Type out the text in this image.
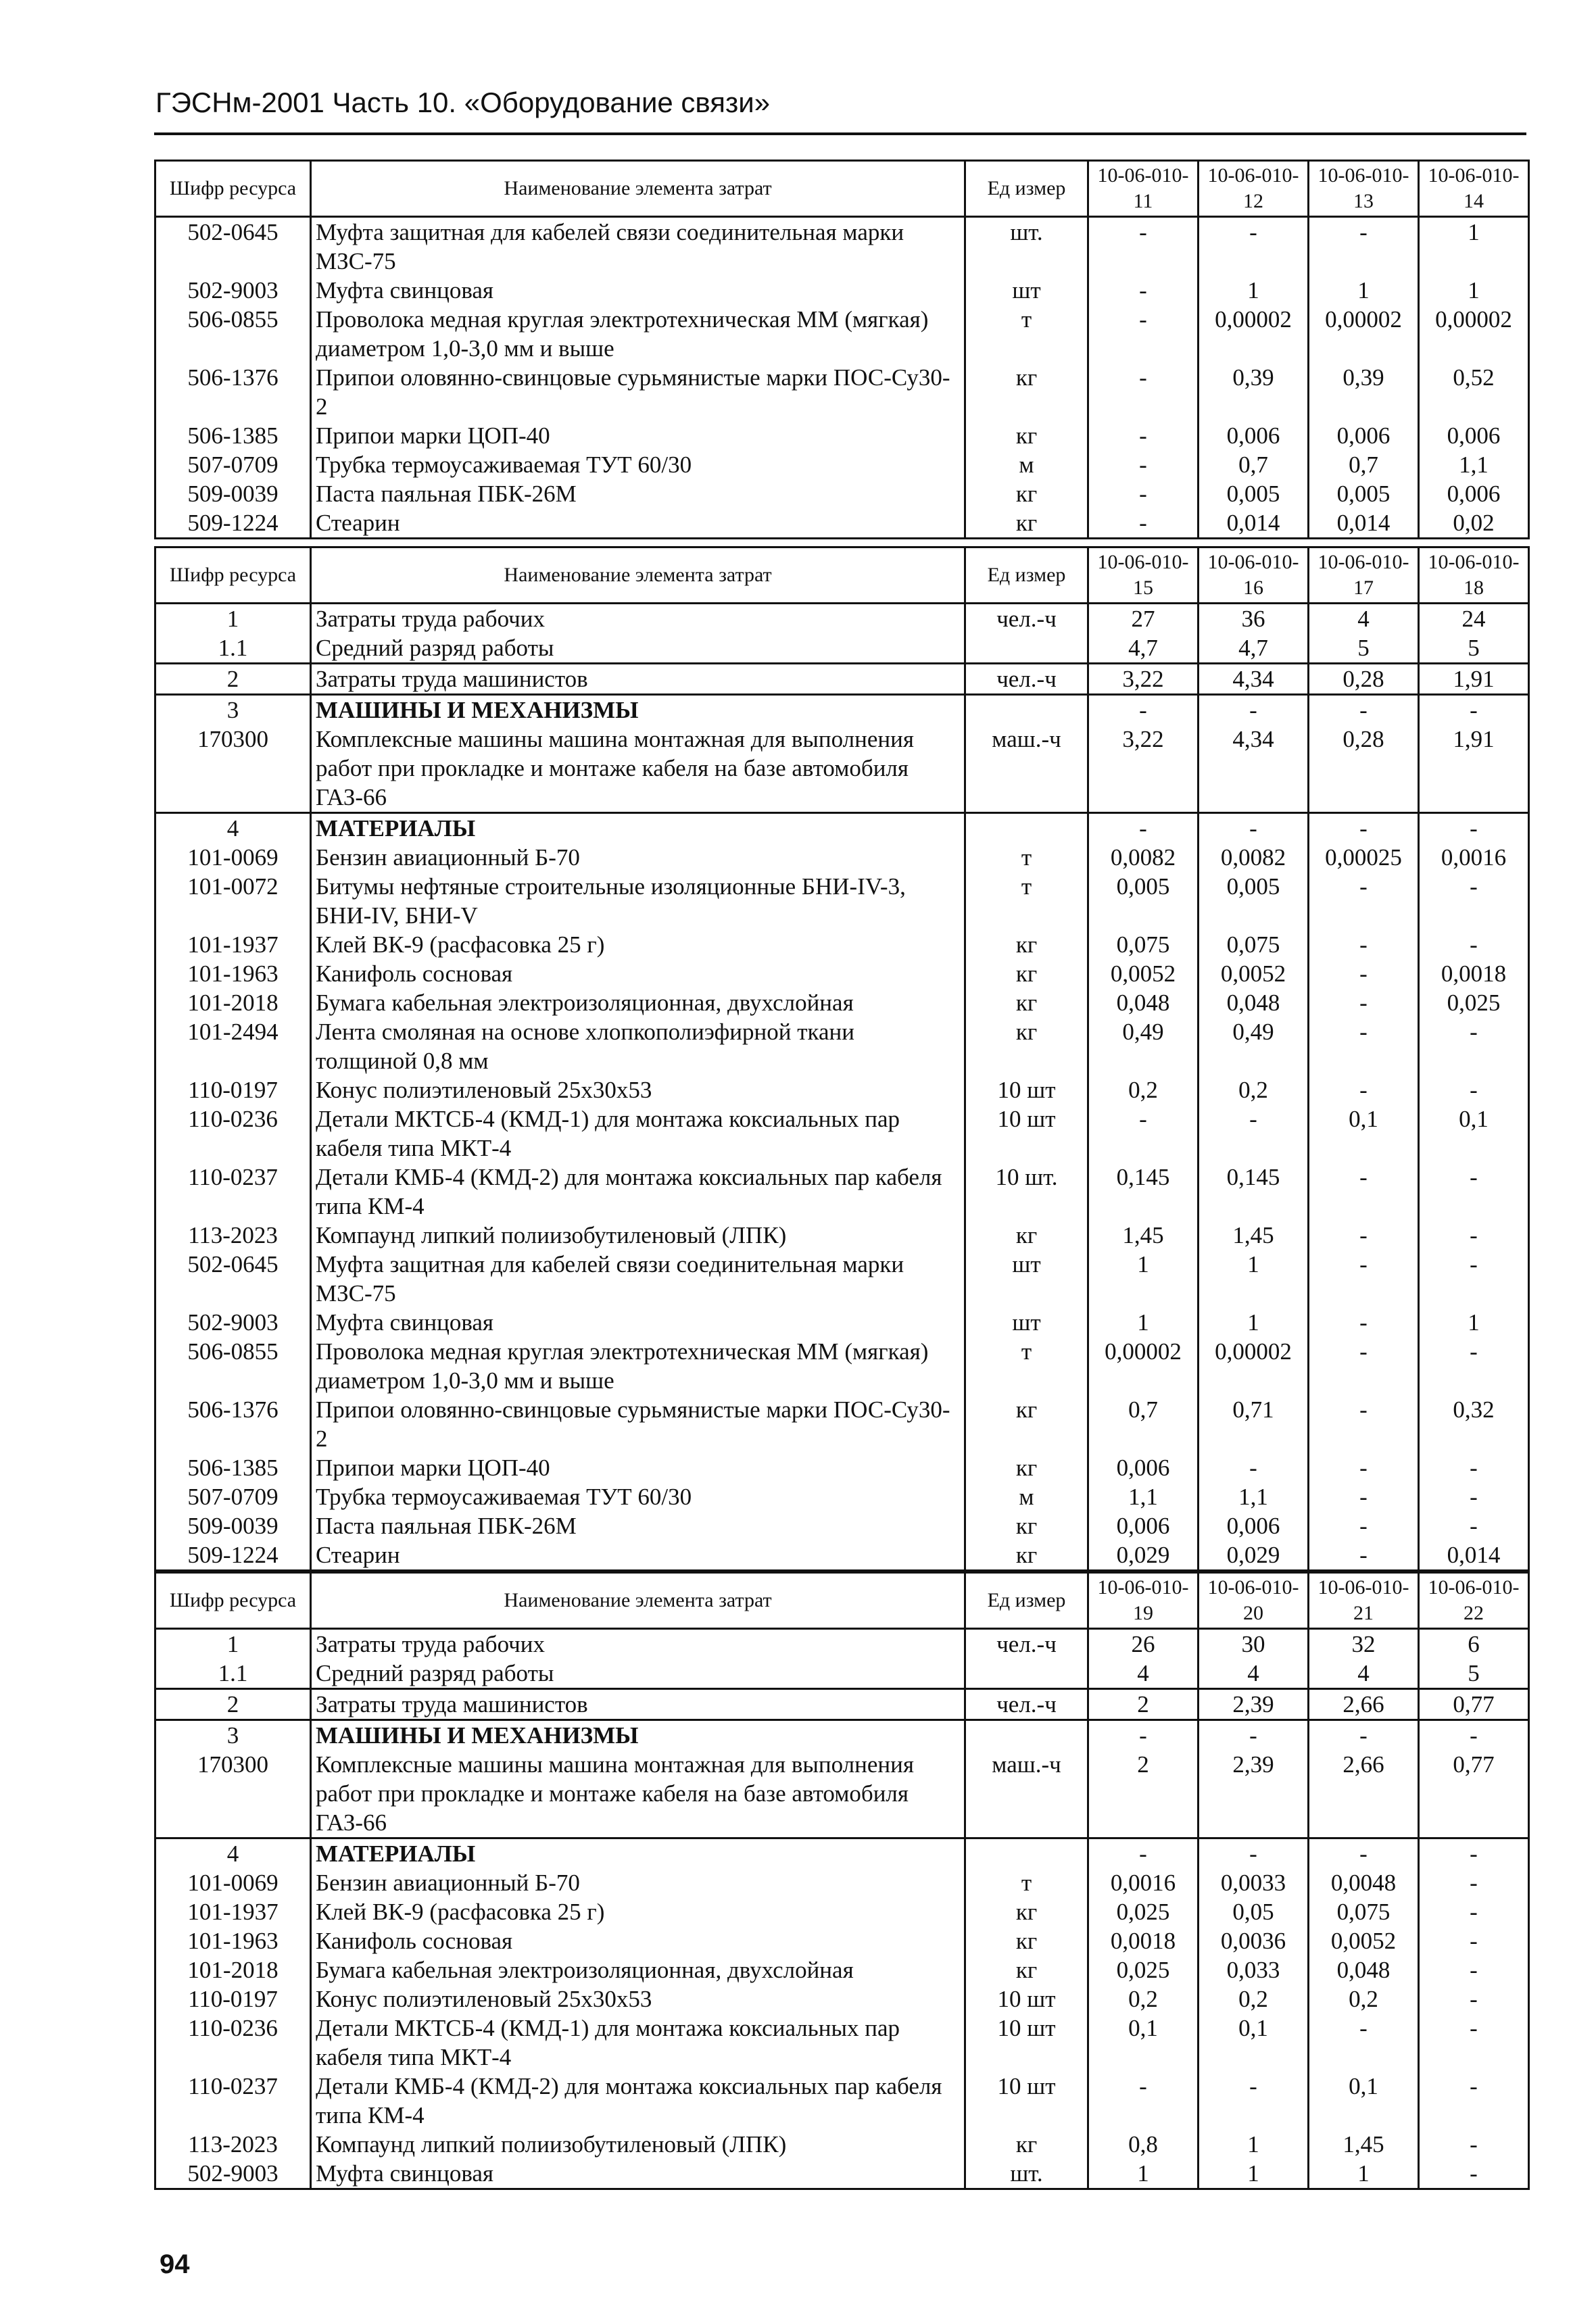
ГЭСНм-2001 Часть 10. «Оборудование связи»
Шифр ресурса	Наименование элемента затрат	Ед измер	10-06-010-11	10-06-010-12	10-06-010-13	10-06-010-14
502-0645	Муфта защитная для кабелей связи соединительная марки МЗС-75	шт.	-	-	-	1
502-9003	Муфта свинцовая	шт	-	1	1	1
506-0855	Проволока медная круглая электротехническая ММ (мягкая) диаметром 1,0-3,0 мм и выше	т	-	0,00002	0,00002	0,00002
506-1376	Припои оловянно-свинцовые сурьмянистые марки ПОС-Су30-2	кг	-	0,39	0,39	0,52
506-1385	Припои марки ЦОП-40	кг	-	0,006	0,006	0,006
507-0709	Трубка термоусаживаемая ТУТ 60/30	м	-	0,7	0,7	1,1
509-0039	Паста паяльная ПБК-26М	кг	-	0,005	0,005	0,006
509-1224	Стеарин	кг	-	0,014	0,014	0,02
Шифр ресурса	Наименование элемента затрат	Ед измер	10-06-010-15	10-06-010-16	10-06-010-17	10-06-010-18
1	Затраты труда рабочих	чел.-ч	27	36	4	24
1.1	Средний разряд работы		4,7	4,7	5	5
2	Затраты труда машинистов	чел.-ч	3,22	4,34	0,28	1,91
3	МАШИНЫ И МЕХАНИЗМЫ		-	-	-	-
170300	Комплексные машины машина монтажная для выполнения работ при прокладке и монтаже кабеля на базе автомобиля ГАЗ-66	маш.-ч	3,22	4,34	0,28	1,91
4	МАТЕРИАЛЫ		-	-	-	-
101-0069	Бензин авиационный Б-70	т	0,0082	0,0082	0,00025	0,0016
101-0072	Битумы нефтяные строительные изоляционные БНИ-IV-3, БНИ-IV, БНИ-V	т	0,005	0,005	-	-
101-1937	Клей ВК-9 (расфасовка 25 г)	кг	0,075	0,075	-	-
101-1963	Канифоль сосновая	кг	0,0052	0,0052	-	0,0018
101-2018	Бумага кабельная электроизоляционная, двухслойная	кг	0,048	0,048	-	0,025
101-2494	Лента смоляная на основе хлопкополиэфирной ткани толщиной 0,8 мм	кг	0,49	0,49	-	-
110-0197	Конус полиэтиленовый 25x30x53	10 шт	0,2	0,2	-	-
110-0236	Детали МКТСБ-4 (КМД-1) для монтажа коксиальных пар кабеля типа МКТ-4	10 шт	-	-	0,1	0,1
110-0237	Детали КМБ-4 (КМД-2) для монтажа коксиальных пар кабеля типа КМ-4	10 шт.	0,145	0,145	-	-
113-2023	Компаунд липкий полиизобутиленовый (ЛПК)	кг	1,45	1,45	-	-
502-0645	Муфта защитная для кабелей связи соединительная марки МЗС-75	шт	1	1	-	-
502-9003	Муфта свинцовая	шт	1	1	-	1
506-0855	Проволока медная круглая электротехническая ММ (мягкая) диаметром 1,0-3,0 мм и выше	т	0,00002	0,00002	-	-
506-1376	Припои оловянно-свинцовые сурьмянистые марки ПОС-Су30-2	кг	0,7	0,71	-	0,32
506-1385	Припои марки ЦОП-40	кг	0,006	-	-	-
507-0709	Трубка термоусаживаемая ТУТ 60/30	м	1,1	1,1	-	-
509-0039	Паста паяльная ПБК-26М	кг	0,006	0,006	-	-
509-1224	Стеарин	кг	0,029	0,029	-	0,014
Шифр ресурса	Наименование элемента затрат	Ед измер	10-06-010-19	10-06-010-20	10-06-010-21	10-06-010-22
1	Затраты труда рабочих	чел.-ч	26	30	32	6
1.1	Средний разряд работы		4	4	4	5
2	Затраты труда машинистов	чел.-ч	2	2,39	2,66	0,77
3	МАШИНЫ И МЕХАНИЗМЫ		-	-	-	-
170300	Комплексные машины машина монтажная для выполнения работ при прокладке и монтаже кабеля на базе автомобиля ГАЗ-66	маш.-ч	2	2,39	2,66	0,77
4	МАТЕРИАЛЫ		-	-	-	-
101-0069	Бензин авиационный Б-70	т	0,0016	0,0033	0,0048	-
101-1937	Клей ВК-9 (расфасовка 25 г)	кг	0,025	0,05	0,075	-
101-1963	Канифоль сосновая	кг	0,0018	0,0036	0,0052	-
101-2018	Бумага кабельная электроизоляционная, двухслойная	кг	0,025	0,033	0,048	-
110-0197	Конус полиэтиленовый 25x30x53	10 шт	0,2	0,2	0,2	-
110-0236	Детали МКТСБ-4 (КМД-1) для монтажа коксиальных пар кабеля типа МКТ-4	10 шт	0,1	0,1	-	-
110-0237	Детали КМБ-4 (КМД-2) для монтажа коксиальных пар кабеля типа КМ-4	10 шт	-	-	0,1	-
113-2023	Компаунд липкий полиизобутиленовый (ЛПК)	кг	0,8	1	1,45	-
502-9003	Муфта свинцовая	шт.	1	1	1	-
94
